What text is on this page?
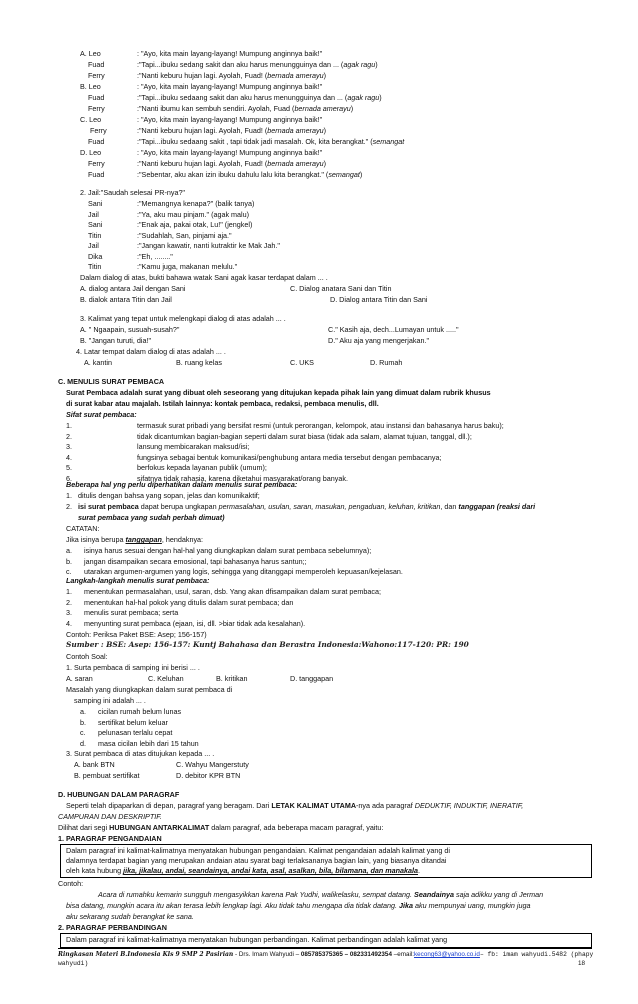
A. Leo	: "Ayo, kita main layang-layang! Mumpung anginnya baik!"
Fuad	:"Tapi...ibuku sedang sakit dan aku harus menungguinya dan ... (agak ragu)
Ferry	:"Nanti keburu hujan lagi. Ayolah, Fuad! (bernada amerayu)
B. Leo	: "Ayo, kita main layang-layang! Mumpung anginnya baik!"
Fuad	:"Tapi...ibuku sedaang sakit dan aku harus menungguinya dan ... (agak ragu)
Ferry	:"Nanti ibumu kan sembuh sendiri. Ayolah, Fuad (bernada amerayu)
C. Leo	: "Ayo, kita main layang-layang! Mumpung anginnya baik!"
Ferry	:"Nanti keburu hujan lagi. Ayolah, Fuad! (bernada amerayu)
Fuad	:"Tapi...ibuku sedaang sakit , tapi tidak jadi masalah. Ok, kita berangkat." (semangat
D. Leo	: "Ayo, kita main layang-layang! Mumpung anginnya baik!"
Ferry	:"Nanti keburu hujan lagi. Ayolah, Fuad! (bernada amerayu)
Fuad	:"Sebentar, aku akan izin ibuku dahulu lalu kita berangkat." (semangat)
2. Jail:"Saudah selesai PR-nya?"
Sani	:"Memangnya kenapa?" (balik tanya)
Jail	:"Ya, aku mau pinjam." (agak malu)
Sani	:"Enak aja, pakai otak, Lu!" (jengkel)
Titin	:"Sudahlah, San, pinjami aja."
Jail	:"Jangan kawatir, nanti kutraktir ke Mak Jah."
Dika	:"Eh, ........"
Titin	:"Kamu juga, makanan melulu."
Dalam dialog di atas, bukti bahawa watak Sani agak kasar terdapat dalam ... .
A. dialog antara Jail dengan Sani	C. Dialog anatara Sani dan Titin
B. dialok antara Titin dan Jail	D. Dialog antara Titin dan Sani
3. Kalimat yang tepat untuk melengkapi dialog di atas adalah ... .
A. " Ngaapain, susuah-susah?"	C." Kasih aja, dech...Lumayan untuk ....."
B. "Jangan turuti, dia!"	D." Aku aja yang mengerjakan."
4. Latar tempat dalam dialog di atas adalah ... .
A. kantin	B. ruang kelas	C. UKS	D. Rumah
C. MENULIS SURAT PEMBACA
Surat Pembaca adalah surat yang dibuat oleh seseorang yang ditujukan kepada pihak lain yang dimuat dalam rubrik khusus
di surat kabar atau majalah. Istilah lainnya: kontak pembaca, redaksi, pembaca menulis, dll.
Sifat surat pembaca:
1.	termasuk surat pribadi yang bersifat resmi (untuk perorangan, kelompok, atau instansi dan bahasanya harus baku);
2.	tidak dicantumkan bagian-bagian seperti dalam surat biasa (tidak ada salam, alamat tujuan, tanggal, dll.);
3.	lansung membicarakan maksud/isi;
4.	fungsinya sebagai bentuk komunikasi/penghubung antara media tersebut dengan pembacanya;
5.	berfokus kepada layanan publik (umum);
6.	sifatnya tidak rahasia, karena diketahui masyarakat/orang banyak.
Beberapa hal yng perlu diperhatikan dalam menulis surat pembaca:
1. ditulis dengan bahsa yang sopan, jelas dan komunikaktif;
2.   isi surat pembaca dapat berupa ungkapan permasalahan, usulan, saran, masukan, pengaduan, keluhan, kritikan, dan tanggapan (reaksi dari
surat pembaca yang sudah perbah dimuat)
CATATAN:
Jika isinya berupa tanggapan, hendaknya:
a. isinya harus sesuai dengan hal-hal yang diungkapkan dalam surat pembaca sebelumnya);
b. jangan disampaikan secara emosional, tapi bahasanya harus santun;;
c. utarakan argumen-argumen yang logis, sehingga yang ditanggapi memperoleh kepuasan/kejelasan.
Langkah-langkah menulis surat pembaca:
1. menentukan permasalahan, usul, saran, dsb. Yang akan dfisampaikan dalam surat pembaca;
2. menentukan hal-hal pokok yang ditulis dalam surat pembaca; dan
3. menulis surat pembaca; serta
4. menyunting surat pembaca (ejaan, isi, dll. >biar tidak ada kesalahan).
Contoh: Periksa Paket BSE: Asep; 156-157)
Sumber : BSE: Asep: 156-157: Kuntj Bahahasa dan Berastra Indonesia:Wahono:117-120: PR: 190
Contoh Soal:
1. Surta pembaca di samping ini berisi ... .
A. saran	C. Keluhan	B. kritikan	D. tanggapan
Masalah yang diungkapkan dalam surat pembaca di
samping ini adalah ... .
a. cicilan rumah belum lunas
b. sertifikat belum keluar
c. pelunasan terlalu cepat
d. masa cicilan lebih dari 15 tahun
3. Surat pembaca di atas ditujukan kepada ... .
A. bank BTN	C. Wahyu Mangerstuty
B. pembuat sertifikat	D. debitor KPR BTN
D. HUBUNGAN DALAM PARAGRAF
Seperti telah dipaparkan di depan, paragraf yang beragam. Dari LETAK KALIMAT UTAMA-nya ada paragraf DEDUKTIF, INDUKTIF, INERATIF,
CAMPURAN DAN DESKRIPTIF.
Dilihat dari segi HUBUNGAN ANTARKALIMAT dalam paragraf, ada beberapa macam paragraf, yaitu:
1. PARAGRAF PENGANDAIAN
Dalam paragraf ini kalimat-kalimatnya menyatakan hubungan pengandaian. Kalimat pengandaian adalah kalimat yang di
dalamnya terdapat bagian yang merupakan andaian atau syarat bagi terlaksananya bagian lain, yang biasanya ditandai
oleh kata hubung jika, jikalau, andai, seandainya, andai kata, asal, asalkan, bila, bilamana, dan manakala.
Contoh:
Acara di rumahku kemarin sungguh mengasyikkan karena Pak Yudhi, walikelasku, sempat datang. Seandainya saja adikku yang di Jerman
bisa datang, mungkin acara itu akan terasa lebih lengkap lagi. Aku tidak tahu mengapa dia tidak datang. Jika aku mempunyai uang, mungkin juga
aku sekarang sudah berangkat ke sana.
2. PARAGRAF PERBANDINGAN
Dalam paragraf ini kalimat-kalimatnya menyatakan hubungan perbandingan. Kalimat perbandingan adalah kalimat yang
Ringkasan Materi B.Indonesia Kls 9 SMP 2 Pasirian - Drs. Imam Wahyudi – 085785375365 – 082331492354 –email:kecong63@yahoo.co.id– fb: imam wahyudi.5482 (phapy
wahyudi)	18
